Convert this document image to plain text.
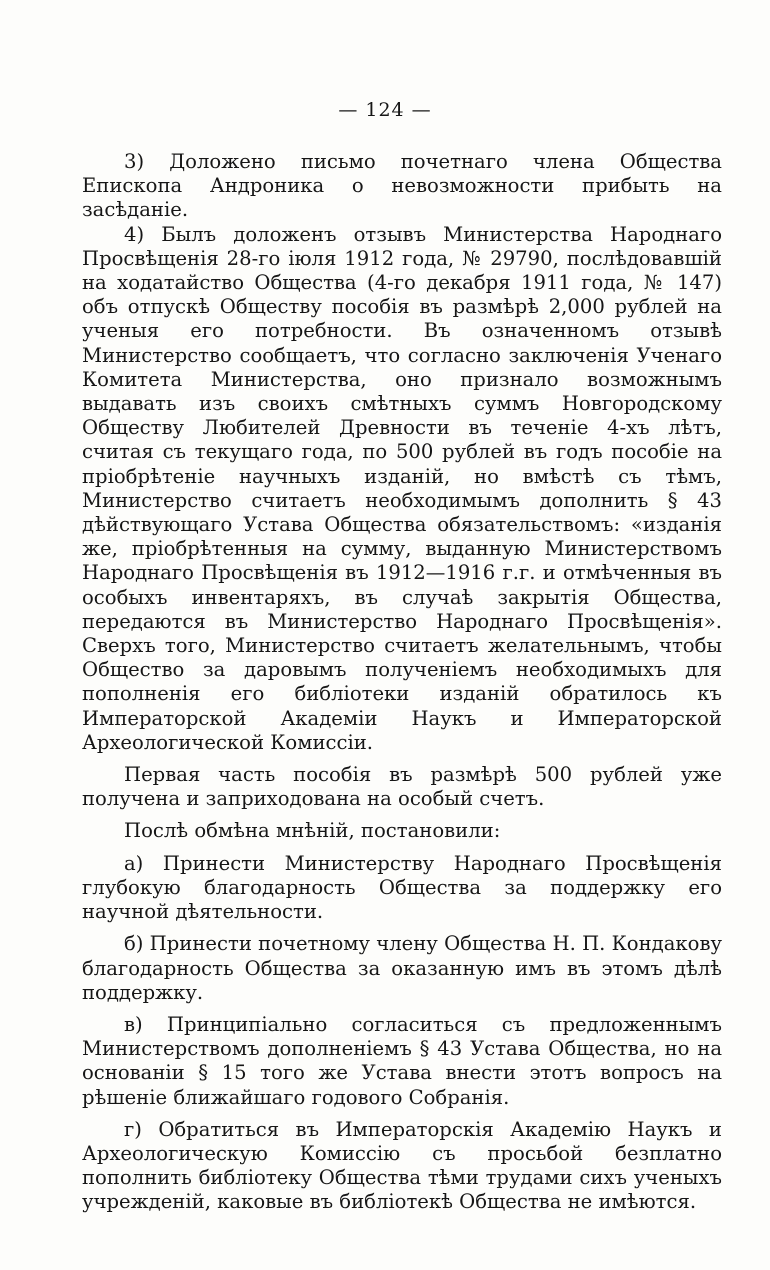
— 124 —

3) Доложено письмо почетнаго члена Общества Епископа Андроника о невозможности прибыть на засѣданіе.

4) Былъ доложенъ отзывъ Министерства Народнаго Просвѣщенія 28-го іюля 1912 года, № 29790, послѣдовавшій на ходатайство Общества (4-го декабря 1911 года, № 147) объ отпускѣ Обществу пособія въ размѣрѣ 2,000 рублей на ученыя его потребности. Въ означенномъ отзывѣ Министерство сообщаетъ, что согласно заключенія Ученаго Комитета Министерства, оно признало возможнымъ выдавать изъ своихъ смѣтныхъ суммъ Новгородскому Обществу Любителей Древности въ теченіе 4-хъ лѣтъ, считая съ текущаго года, по 500 рублей въ годъ пособіе на пріобрѣтеніе научныхъ изданій, но вмѣстѣ съ тѣмъ, Министерство считаетъ необходимымъ дополнить § 43 дѣйствующаго Устава Общества обязательствомъ: «изданія же, пріобрѣтенныя на сумму, выданную Министерствомъ Народнаго Просвѣщенія въ 1912—1916 г.г. и отмѣченныя въ особыхъ инвентаряхъ, въ случаѣ закрытія Общества, передаются въ Министерство Народнаго Просвѣщенія». Сверхъ того, Министерство считаетъ желательнымъ, чтобы Общество за даровымъ полученіемъ необходимыхъ для пополненія его библіотеки изданій обратилось къ Императорской Академіи Наукъ и Императорской Археологической Комиссіи.

Первая часть пособія въ размѣрѣ 500 рублей уже получена и заприходована на особый счетъ.

Послѣ обмѣна мнѣній, постановили:

а) Принести Министерству Народнаго Просвѣщенія глубокую благодарность Общества за поддержку его научной дѣятельности.

б) Принести почетному члену Общества Н. П. Кондакову благодарность Общества за оказанную имъ въ этомъ дѣлѣ поддержку.

в) Принципіально согласиться съ предложеннымъ Министерствомъ дополненіемъ § 43 Устава Общества, но на основаніи § 15 того же Устава внести этотъ вопросъ на рѣшеніе ближайшаго годового Собранія.

г) Обратиться въ Императорскія Академію Наукъ и Археологическую Комиссію съ просьбой безплатно пополнить библіотеку Общества тѣми трудами сихъ ученыхъ учрежденій, каковые въ библіотекѣ Общества не имѣются.
